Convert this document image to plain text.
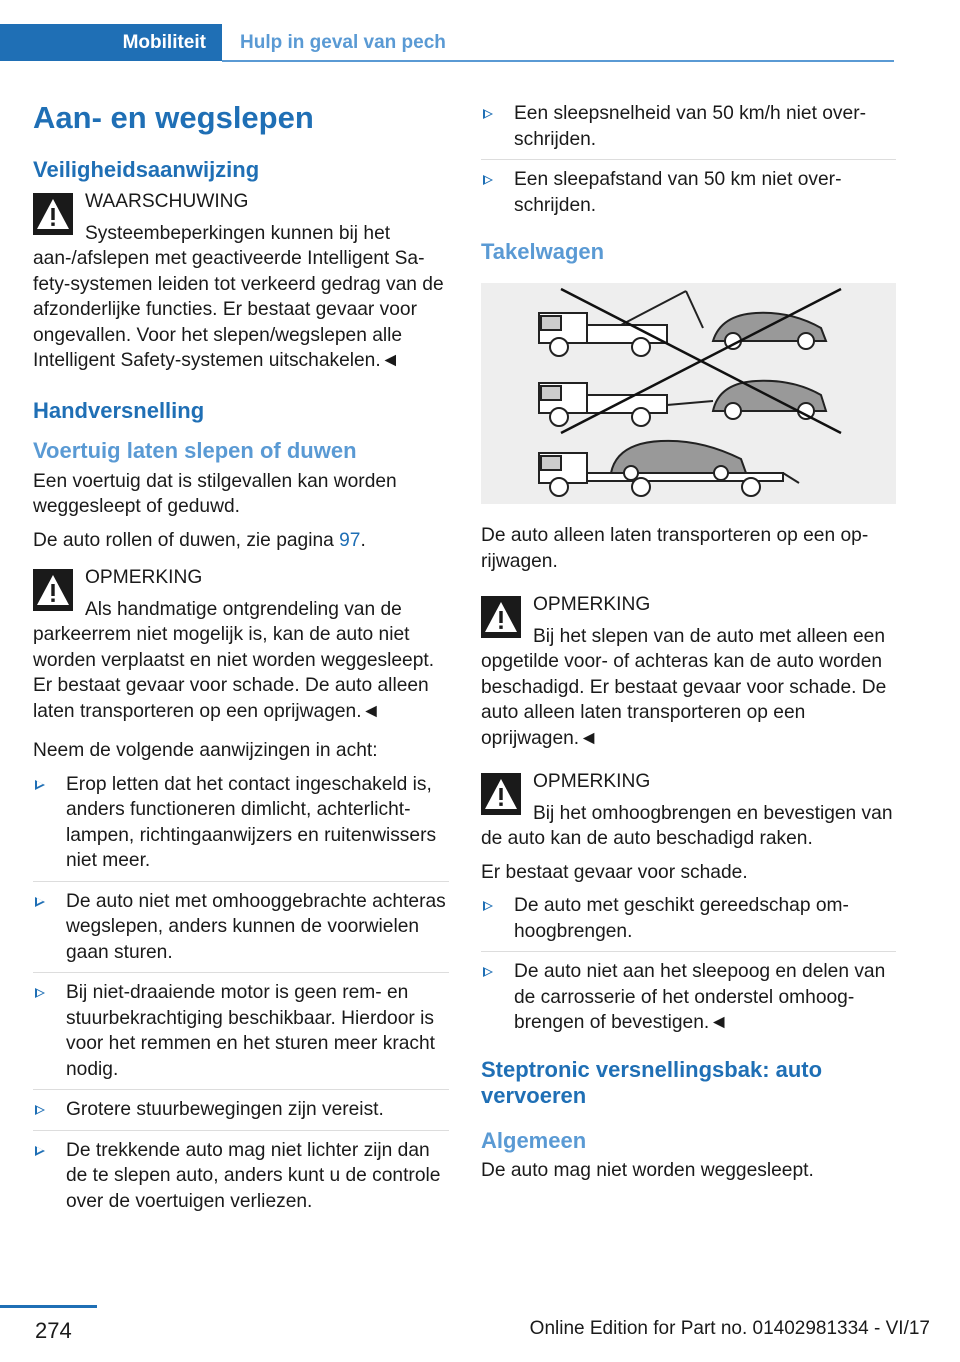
Mobiliteit	Hulp in geval van pech
Aan- en wegslepen
Veiligheidsaanwijzing

WAARSCHUWING

Systeembeperkingen kunnen bij het aan-/afslepen met geactiveerde Intelligent Safety-systemen leiden tot verkeerd gedrag van de afzonderlijke functies. Er bestaat gevaar voor ongevallen. Voor het slepen/wegslepen alle Intelligent Safety-systemen uitschakelen.◄

Handversnelling
Voertuig laten slepen of duwen

Een voertuig dat is stilgevallen kan worden weggesleept of geduwd.

De auto rollen of duwen, zie pagina 97.

OPMERKING

Als handmatige ontgrendeling van de parkeerrem niet mogelijk is, kan de auto niet worden verplaatst en niet worden weggesleept. Er bestaat gevaar voor schade. De auto alleen laten transporteren op een oprijwagen.◄

Neem de volgende aanwijzingen in acht:

Erop letten dat het contact ingeschakeld is, anders functioneren dimlicht, achterlichtlampen, richtingaanwijzers en ruitenwissers niet meer.
De auto niet met omhooggebrachte achteras wegslepen, anders kunnen de voorwielen gaan sturen.
Bij niet-draaiende motor is geen rem- en stuurbekrachtiging beschikbaar. Hierdoor is voor het remmen en het sturen meer kracht nodig.
Grotere stuurbewegingen zijn vereist.
De trekkende auto mag niet lichter zijn dan de te slepen auto, anders kunt u de controle over de voertuigen verliezen.
Een sleepsnelheid van 50 km/h niet overschrijden.
Een sleepafstand van 50 km niet overschrijden.
Takelwagen

De auto alleen laten transporteren op een oprijwagen.

OPMERKING

Bij het slepen van de auto met alleen een opgetilde voor- of achteras kan de auto worden beschadigd. Er bestaat gevaar voor schade. De auto alleen laten transporteren op een oprijwagen.◄

OPMERKING

Bij het omhoogbrengen en bevestigen van de auto kan de auto beschadigd raken.

Er bestaat gevaar voor schade.

De auto met geschikt gereedschap omhoogbrengen.
De auto niet aan het sleepoog en delen van de carrosserie of het onderstel omhoogbrengen of bevestigen.◄
Steptronic versnellingsbak: auto vervoeren
Algemeen

De auto mag niet worden weggesleept.

274	Online Edition for Part no. 01402981334 - VI/17
